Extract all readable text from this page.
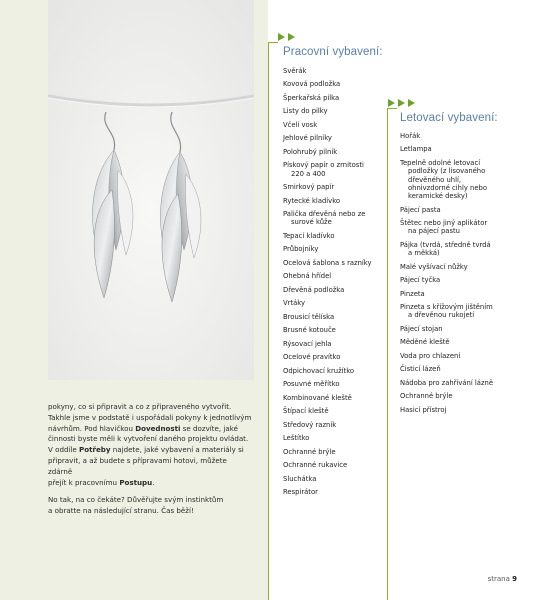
pokyny, co si připravit a co z připraveného vytvořit.
Takhle jsme v podstatě i uspořádali pokyny k jednotlivým
návrhům. Pod hlavičkou Dovednosti se dozvíte, jaké
činnosti byste měli k vytvoření daného projektu ovládat.
V oddíle Potřeby najdete, jaké vybavení a materiály si
připravit, a až budete s přípravami hotovi, můžete zdárně
přejít k pracovnímu Postupu.

No tak, na co čekáte? Důvěřujte svým instinktům
a obratte na následující stranu. Čas běží!

Pracovní vybavení:
Svěrák
Kovová podložka
Šperkařská pilka
Listy do pilky
Včelí vosk
Jehlové pilníky
Polohrubý pilník
Pískový papír o zrnitosti

220 a 400
Smirkový papír
Rytecké kladívko
Palička dřevěná nebo ze

surové kůže
Tepací kladívko
Průbojníky
Ocelová šablona s razníky
Ohebná hřídel
Dřevěná podložka
Vrtáky
Brousicí tělíska
Brusné kotouče
Rýsovací jehla
Ocelové pravítko
Odpichovací kružítko
Posuvné měřítko
Kombinované kleště
Štípací kleště
Středový razník
Leštítko
Ochranné brýle
Ochranné rukavice
Sluchátka
Respirátor
Letovací vybavení:
Hořák
Letlampa
Tepelně odolné letovací

podložky (z lisovaného
dřevěného uhlí,
ohnivzdorné cihly nebo
keramické desky)
Pájecí pasta
Štětec nebo jiný aplikátor

na pájecí pastu
Pájka (tvrdá, středně tvrdá

a měkká)
Malé vyšívací nůžky
Pájecí tyčka
Pinzeta
Pinzeta s křížovým jištěním

a dřevěnou rukojetí
Pájecí stojan
Měděné kleště
Voda pro chlazení
Čisticí lázeň
Nádoba pro zahřívání lázně
Ochranné brýle
Hasicí přístroj
strana 9
